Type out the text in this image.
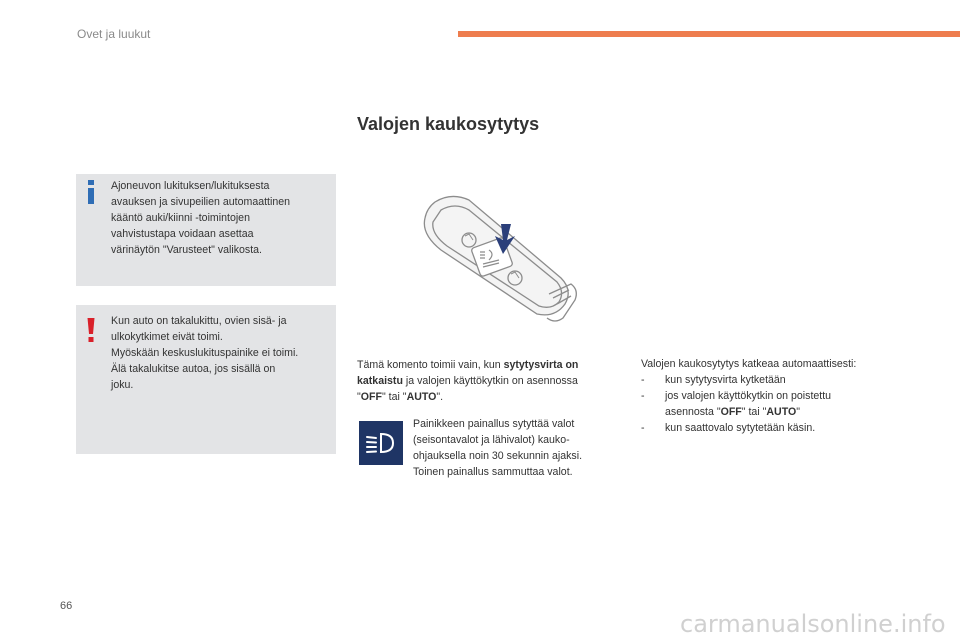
Ovet ja luukut
Valojen kaukosytytys
Ajoneuvon lukituksen/lukituksesta
avauksen ja sivupeilien automaattinen
kääntö auki/kiinni -toimintojen
vahvistustapa voidaan asettaa
värinäytön "Varusteet" valikosta.
Kun auto on takalukittu, ovien sisä- ja
ulkokytkimet eivät toimi.
Myöskään keskuslukituspainike ei toimi.
Älä takalukitse autoa, jos sisällä on
joku.
Tämä komento toimii vain, kun sytytysvirta on
katkaistu ja valojen käyttökytkin on asennossa
"OFF" tai "AUTO".
Painikkeen painallus sytyttää valot
(seisontavalot ja lähivalot) kauko-
ohjauksella noin 30 sekunnin ajaksi.
Toinen painallus sammuttaa valot.
Valojen kaukosytytys katkeaa automaattisesti:
-	kun sytytysvirta kytketään
-	jos valojen käyttökytkin on poistettu
asennosta "OFF" tai "AUTO"
-	kun saattovalo sytytetään käsin.
66
carmanualsonline.info
